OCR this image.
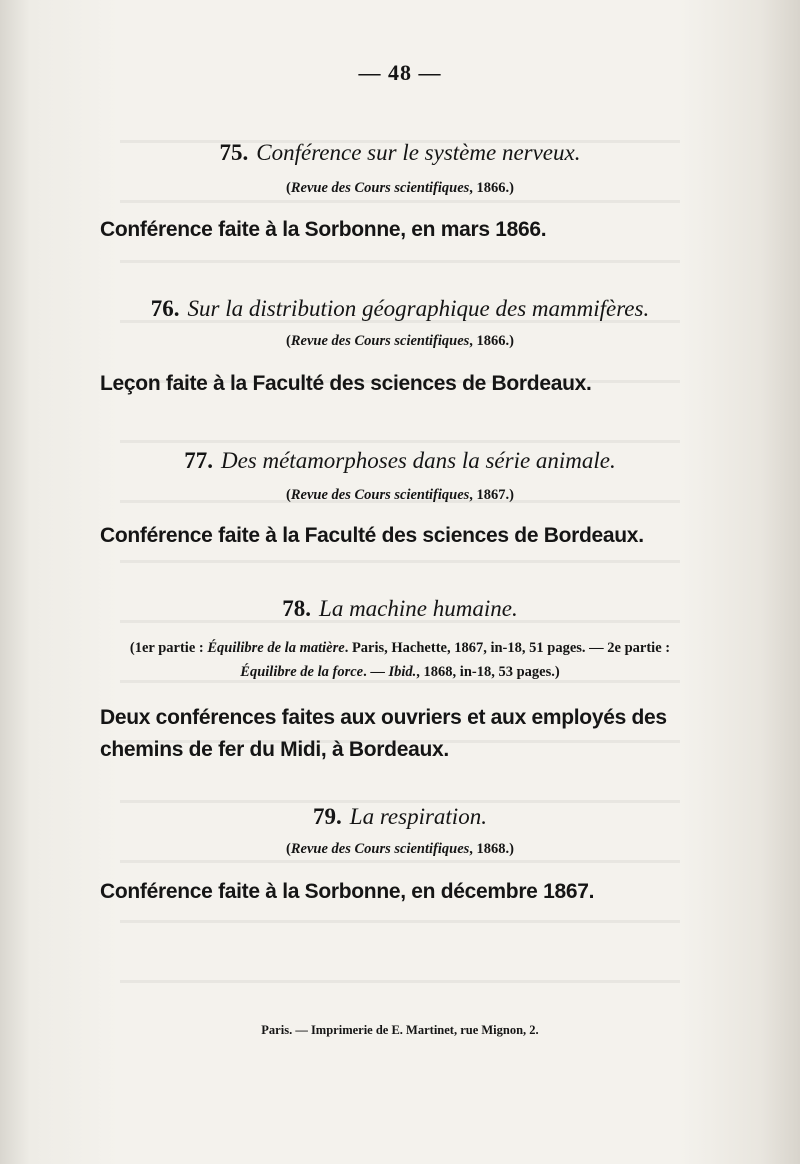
— 48 —
75. Conférence sur le système nerveux.
(Revue des Cours scientifiques, 1866.)
Conférence faite à la Sorbonne, en mars 1866.
76. Sur la distribution géographique des mammifères.
(Revue des Cours scientifiques, 1866.)
Leçon faite à la Faculté des sciences de Bordeaux.
77. Des métamorphoses dans la série animale.
(Revue des Cours scientifiques, 1867.)
Conférence faite à la Faculté des sciences de Bordeaux.
78. La machine humaine.
(1er partie : Équilibre de la matière. Paris, Hachette, 1867, in-18, 51 pages. — 2e partie :
Équilibre de la force. — Ibid., 1868, in-18, 53 pages.)
Deux conférences faites aux ouvriers et aux employés des chemins de fer du Midi, à Bordeaux.
79. La respiration.
(Revue des Cours scientifiques, 1868.)
Conférence faite à la Sorbonne, en décembre 1867.
Paris. — Imprimerie de E. Martinet, rue Mignon, 2.
